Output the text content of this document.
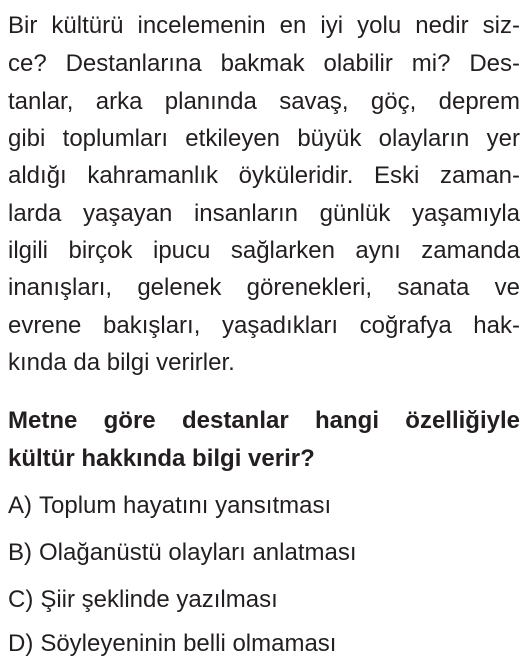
Bir kültürü incelemenin en iyi yolu nedir siz-
ce? Destanlarına bakmak olabilir mi? Des-
tanlar, arka planında savaş, göç, deprem
gibi toplumları etkileyen büyük olayların yer
aldığı kahramanlık öyküleridir. Eski zaman-
larda yaşayan insanların günlük yaşamıyla
ilgili birçok ipucu sağlarken aynı zamanda
inanışları, gelenek görenekleri, sanata ve
evrene bakışları, yaşadıkları coğrafya hak-
kında da bilgi verirler.
Metne göre destanlar hangi özelliğiyle
kültür hakkında bilgi verir?
A) Toplum hayatını yansıtması
B) Olağanüstü olayları anlatması
C) Şiir şeklinde yazılması
D) Söyleyeninin belli olmaması
